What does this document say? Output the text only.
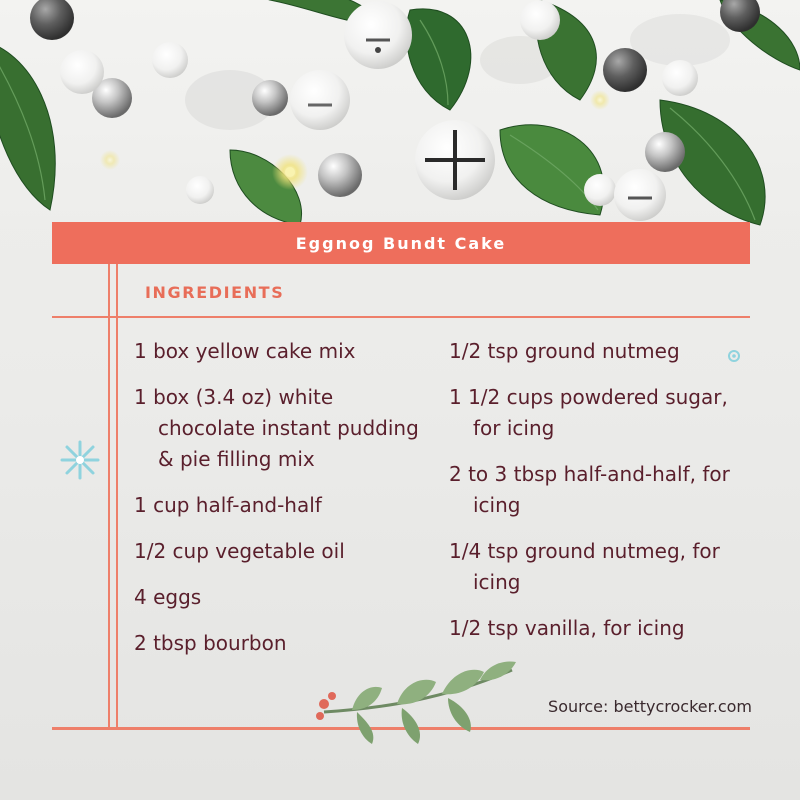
Eggnog Bundt Cake
INGREDIENTS
1 box yellow cake mix
1 box (3.4 oz) white chocolate instant pudding & pie filling mix
1 cup half-and-half
1/2 cup vegetable oil
4 eggs
2 tbsp bourbon
1/2 tsp ground nutmeg
1 1/2 cups powdered sugar, for icing
2 to 3 tbsp half-and-half, for icing
1/4 tsp ground nutmeg, for icing
1/2 tsp vanilla, for icing
Source: bettycrocker.com
